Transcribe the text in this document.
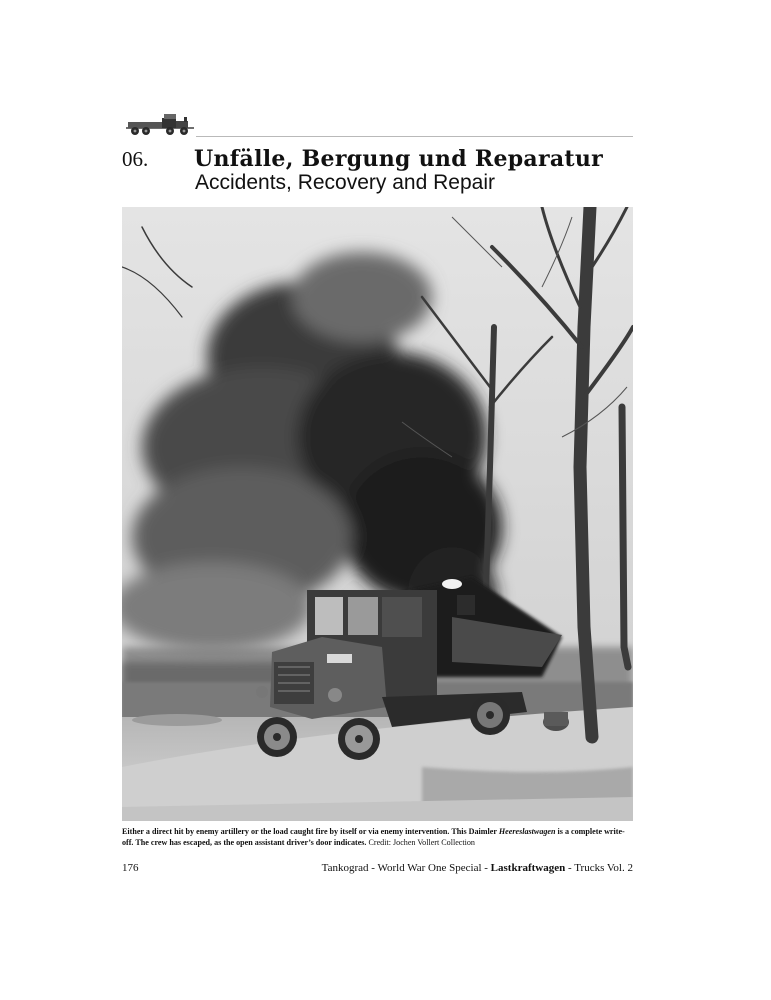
06. Unfälle, Bergung und Reparatur
Accidents, Recovery and Repair
Either a direct hit by enemy artillery or the load caught fire by itself or via enemy intervention. This Daimler Heereslastwagen is a complete write-off. The crew has escaped, as the open assistant driver’s door indicates. Credit: Jochen Vollert Collection
176	Tankograd - World War One Special - Lastkraftwagen - Trucks Vol. 2
